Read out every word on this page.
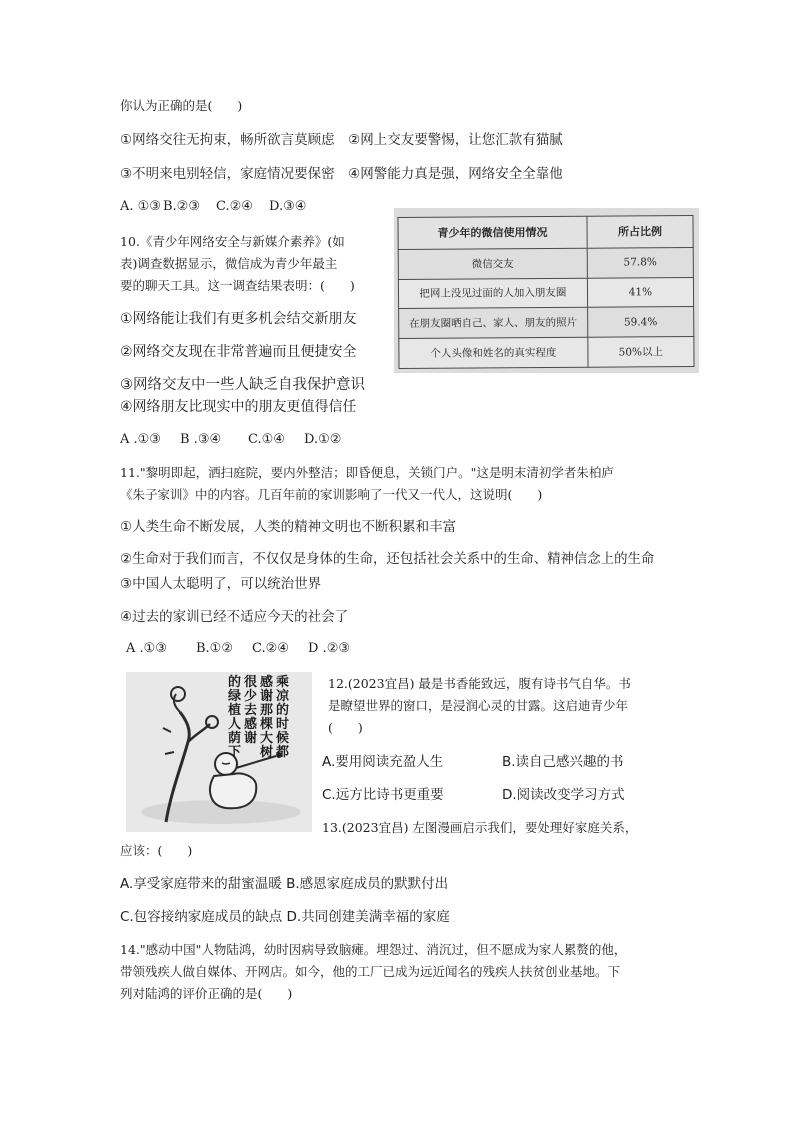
你认为正确的是(　　)
①网络交往无拘束，畅所欲言莫顾虑　 ②网上交友要警惕，让您汇款有猫腻
③不明来电别轻信，家庭情况要保密　 ④网警能力真是强，网络安全全靠他
A. ①③ B.②③	C.②④	D.③④
10.《青少年网络安全与新媒介素养》(如
表)调查数据显示，微信成为青少年最主
要的聊天工具。这一调查结果表明：(　　)
①网络能让我们有更多机会结交新朋友
②网络交友现在非常普遍而且便捷安全
③网络交友中一些人缺乏自我保护意识
④网络朋友比现实中的朋友更值得信任
A .①③	B .③④	C.①④	D.①②
青少年的微信使用情况	所占比例
微信交友	57.8%
把网上没见过面的人加入朋友圈	41%
在朋友圈晒自己、家人、朋友的照片	59.4%
个人头像和姓名的真实程度	50%以上
11."黎明即起，洒扫庭院，要内外整洁；即昏便息，关锁门户。"这是明末清初学者朱柏庐
《朱子家训》中的内容。几百年前的家训影响了一代又一代人，这说明(　　)
①人类生命不断发展，人类的精神文明也不断积累和丰富
②生命对于我们而言，不仅仅是身体的生命，还包括社会关系中的生命、精神信念上的生命
③中国人太聪明了，可以统治世界
④过去的家训已经不适应今天的社会了
A .①③	B.①②	C.②④	D .②③
乘凉的时候都
感谢那棵大树
很少去感谢
的绿植人荫下
12.(2023宜昌) 最是书香能致远，腹有诗书气自华。书
是瞭望世界的窗口，是浸润心灵的甘露。这启迪青少年
(　　)
A.要用阅读充盈人生	B.读自己感兴趣的书
C.远方比诗书更重要	D.阅读改变学习方式
13.(2023宜昌) 左图漫画启示我们，要处理好家庭关系，
应该：(　　)
A.享受家庭带来的甜蜜温暖 B.感恩家庭成员的默默付出
C.包容接纳家庭成员的缺点 D.共同创建美满幸福的家庭
14."感动中国"人物陆鸿，幼时因病导致脑瘫。埋怨过、消沉过，但不愿成为家人累赘的他，
带领残疾人做自媒体、开网店。如今，他的工厂已成为远近闻名的残疾人扶贫创业基地。下
列对陆鸿的评价正确的是(　　)
